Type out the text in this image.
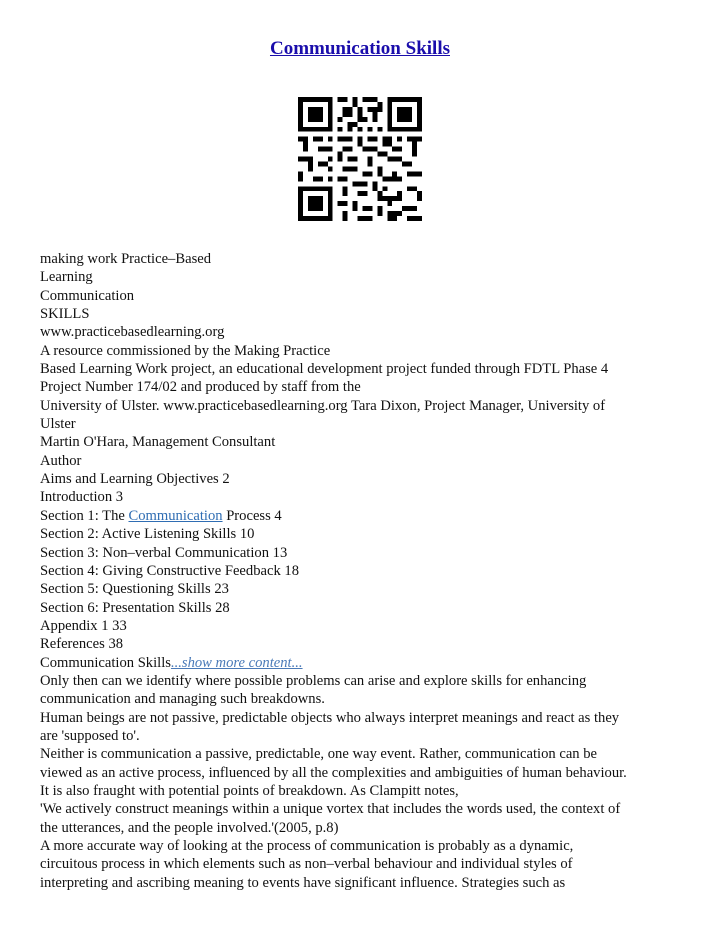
Communication Skills
making work Practice–Based
Learning
Communication
SKILLS
www.practicebasedlearning.org
A resource commissioned by the Making Practice
Based Learning Work project, an educational development project funded through FDTL Phase 4
Project Number 174/02 and produced by staff from the
University of Ulster. www.practicebasedlearning.org Tara Dixon, Project Manager, University of
Ulster
Martin O'Hara, Management Consultant
Author
Aims and Learning Objectives 2
Introduction 3
Section 1: The Communication Process 4
Section 2: Active Listening Skills 10
Section 3: Non–verbal Communication 13
Section 4: Giving Constructive Feedback 18
Section 5: Questioning Skills 23
Section 6: Presentation Skills 28
Appendix 1 33
References 38
Communication Skills...show more content...
Only then can we identify where possible problems can arise and explore skills for enhancing
communication and managing such breakdowns.
Human beings are not passive, predictable objects who always interpret meanings and react as they
are 'supposed to'.
Neither is communication a passive, predictable, one way event. Rather, communication can be
viewed as an active process, influenced by all the complexities and ambiguities of human behaviour.
It is also fraught with potential points of breakdown. As Clampitt notes,
'We actively construct meanings within a unique vortex that includes the words used, the context of
the utterances, and the people involved.'(2005, p.8)
A more accurate way of looking at the process of communication is probably as a dynamic,
circuitous process in which elements such as non–verbal behaviour and individual styles of
interpreting and ascribing meaning to events have significant influence. Strategies such as
